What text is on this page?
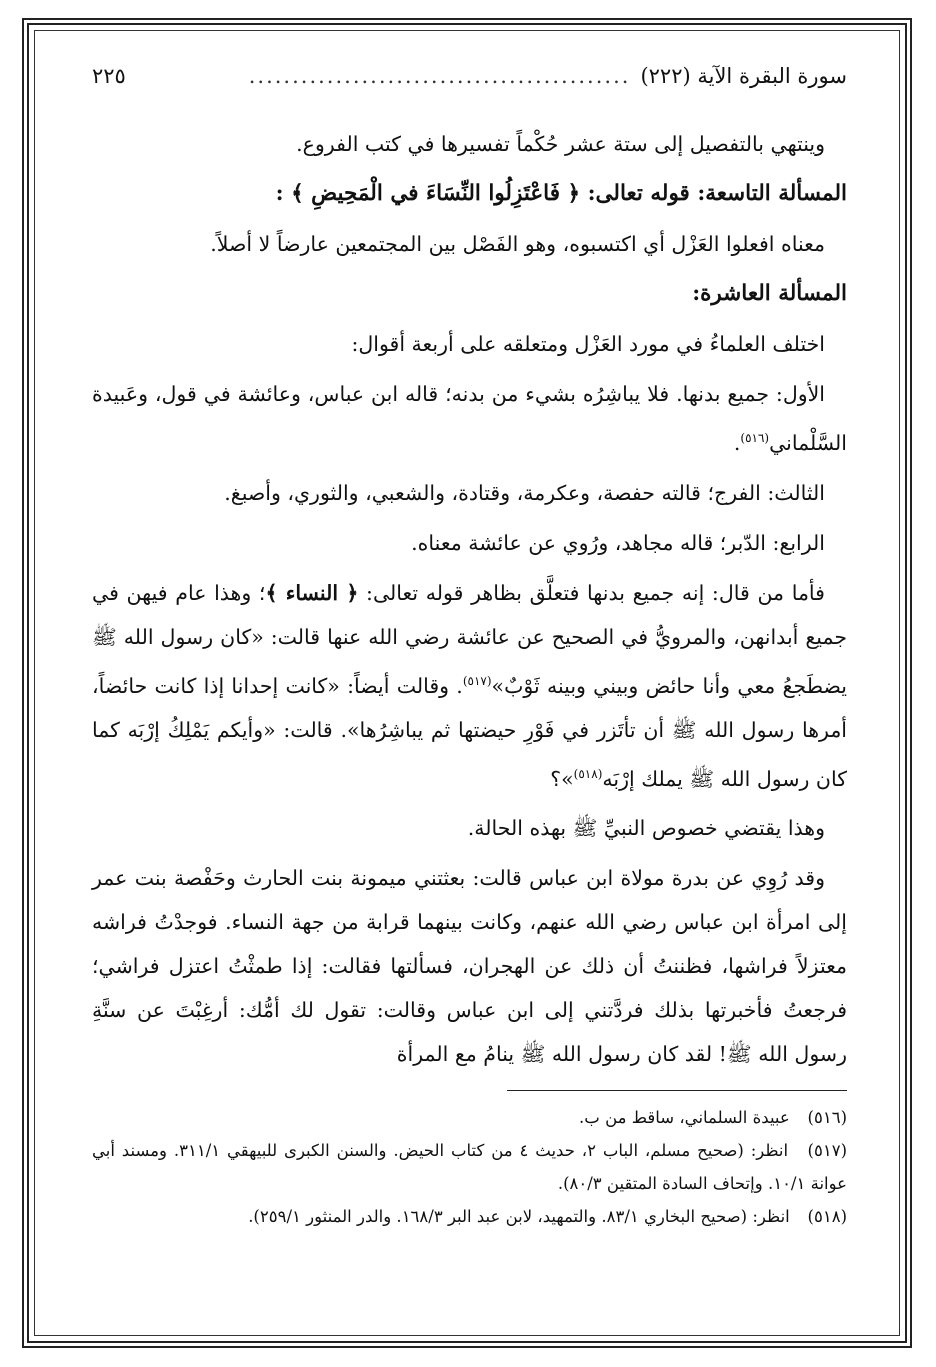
سورة البقرة الآية (٢٢٢)
............................................
٢٢٥

وينتهي بالتفصيل إلى ستة عشر حُكْماً تفسيرها في كتب الفروع.

المسألة التاسعة: قوله تعالى: ﴿ فَاعْتَزِلُوا النِّسَاءَ في الْمَحِيضِ ﴾ :

معناه افعلوا العَزْل أي اكتسبوه، وهو الفَصْل بين المجتمعين عارضاً لا أصلاً.

المسألة العاشرة:

اختلف العلماءُ في مورد العَزْل ومتعلقه على أربعة أقوال:

الأول: جميع بدنها. فلا يباشِرُه بشيء من بدنه؛ قاله ابن عباس، وعائشة في قول، وعَبيدة السَّلْماني$^{(٥١٦)}$.

الثالث: الفرج؛ قالته حفصة، وعكرمة، وقتادة، والشعبي، والثوري، وأصبغ.

الرابع: الدّبر؛ قاله مجاهد، ورُوي عن عائشة معناه.

فأما من قال: إنه جميع بدنها فتعلَّق بظاهر قوله تعالى: ﴿ النساء ﴾؛ وهذا عام فيهن في جميع أبدانهن، والمرويُّ في الصحيح عن عائشة رضي الله عنها قالت: «كان رسول الله ﷺ يضطَجعُ معي وأنا حائض وبيني وبينه ثَوْبٌ»$^{(٥١٧)}$. وقالت أيضاً: «كانت إحدانا إذا كانت حائضاً، أمرها رسول الله ﷺ أن تأتَزر في فَوْرِ حيضتها ثم يباشِرُها». قالت: «وأيكم يَمْلِكُ إرْبَه كما كان رسول الله ﷺ يملك إرْبَه$^{(٥١٨)}$»؟

وهذا يقتضي خصوص النبيِّ ﷺ بهذه الحالة.

وقد رُوِي عن بدرة مولاة ابن عباس قالت: بعثتني ميمونة بنت الحارث وحَفْصة بنت عمر إلى امرأة ابن عباس رضي الله عنهم، وكانت بينهما قرابة من جهة النساء. فوجدْتُ فراشه معتزلاً فراشها، فظننتُ أن ذلك عن الهجران، فسألتها فقالت: إذا طمثْتُ اعتزل فراشي؛ فرجعتُ فأخبرتها بذلك فردَّتني إلى ابن عباس وقالت: تقول لك أمُّك: أرغِبْتَ عن سنَّةِ رسول الله ﷺ! لقد كان رسول الله ﷺ ينامُ مع المرأة

(٥١٦) عبيدة السلماني، ساقط من ب.

(٥١٧) انظر: (صحيح مسلم، الباب ٢، حديث ٤ من كتاب الحيض. والسنن الكبرى للبيهقي ٣١١/١. ومسند أبي عوانة ١٠/١. وإتحاف السادة المتقين ٨٠/٣).

(٥١٨) انظر: (صحيح البخاري ٨٣/١. والتمهيد، لابن عبد البر ١٦٨/٣. والدر المنثور ٢٥٩/١).
